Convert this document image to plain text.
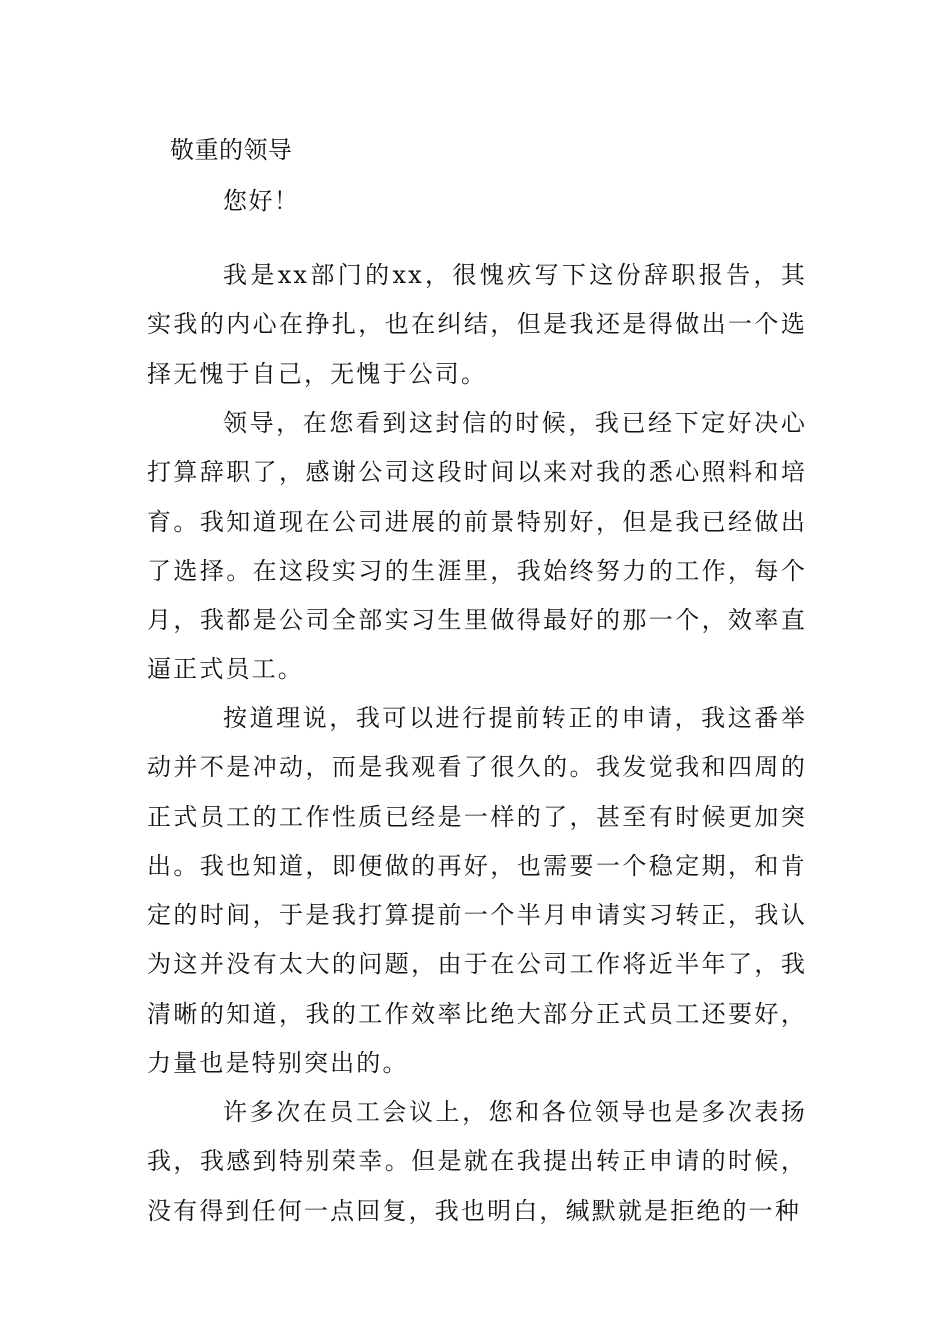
敬重的领导
您好！

我是xx部门的xx，很愧疚写下这份辞职报告，其实我的内心在挣扎，也在纠结，但是我还是得做出一个选择无愧于自己，无愧于公司。

领导，在您看到这封信的时候，我已经下定好决心打算辞职了，感谢公司这段时间以来对我的悉心照料和培育。我知道现在公司进展的前景特别好，但是我已经做出了选择。在这段实习的生涯里，我始终努力的工作，每个月，我都是公司全部实习生里做得最好的那一个，效率直逼正式员工。

按道理说，我可以进行提前转正的申请，我这番举动并不是冲动，而是我观看了很久的。我发觉我和四周的正式员工的工作性质已经是一样的了，甚至有时候更加突出。我也知道，即便做的再好，也需要一个稳定期，和肯定的时间，于是我打算提前一个半月申请实习转正，我认为这并没有太大的问题，由于在公司工作将近半年了，我清晰的知道，我的工作效率比绝大部分正式员工还要好，力量也是特别突出的。

许多次在员工会议上，您和各位领导也是多次表扬我，我感到特别荣幸。但是就在我提出转正申请的时候，没有得到任何一点回复，我也明白，缄默就是拒绝的一种
